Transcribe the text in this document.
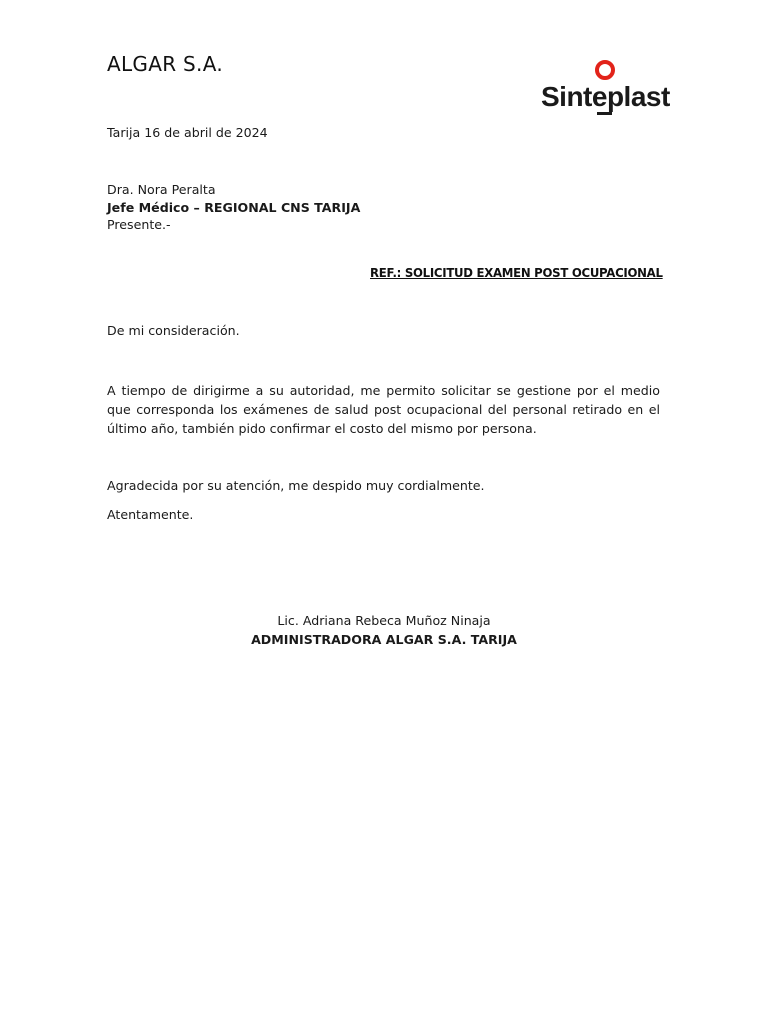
ALGAR S.A.
Sinteplast
Tarija 16 de abril de 2024
Dra. Nora Peralta
Jefe Médico – REGIONAL CNS TARIJA
Presente.-
REF.: SOLICITUD EXAMEN POST OCUPACIONAL
De mi consideración.
A tiempo de dirigirme a su autoridad, me permito solicitar se gestione por el medio que corresponda los exámenes de salud post ocupacional del personal retirado en el último año, también pido confirmar el costo del mismo por persona.
Agradecida por su atención, me despido muy cordialmente.
Atentamente.
Lic. Adriana Rebeca Muñoz Ninaja
ADMINISTRADORA ALGAR S.A. TARIJA
